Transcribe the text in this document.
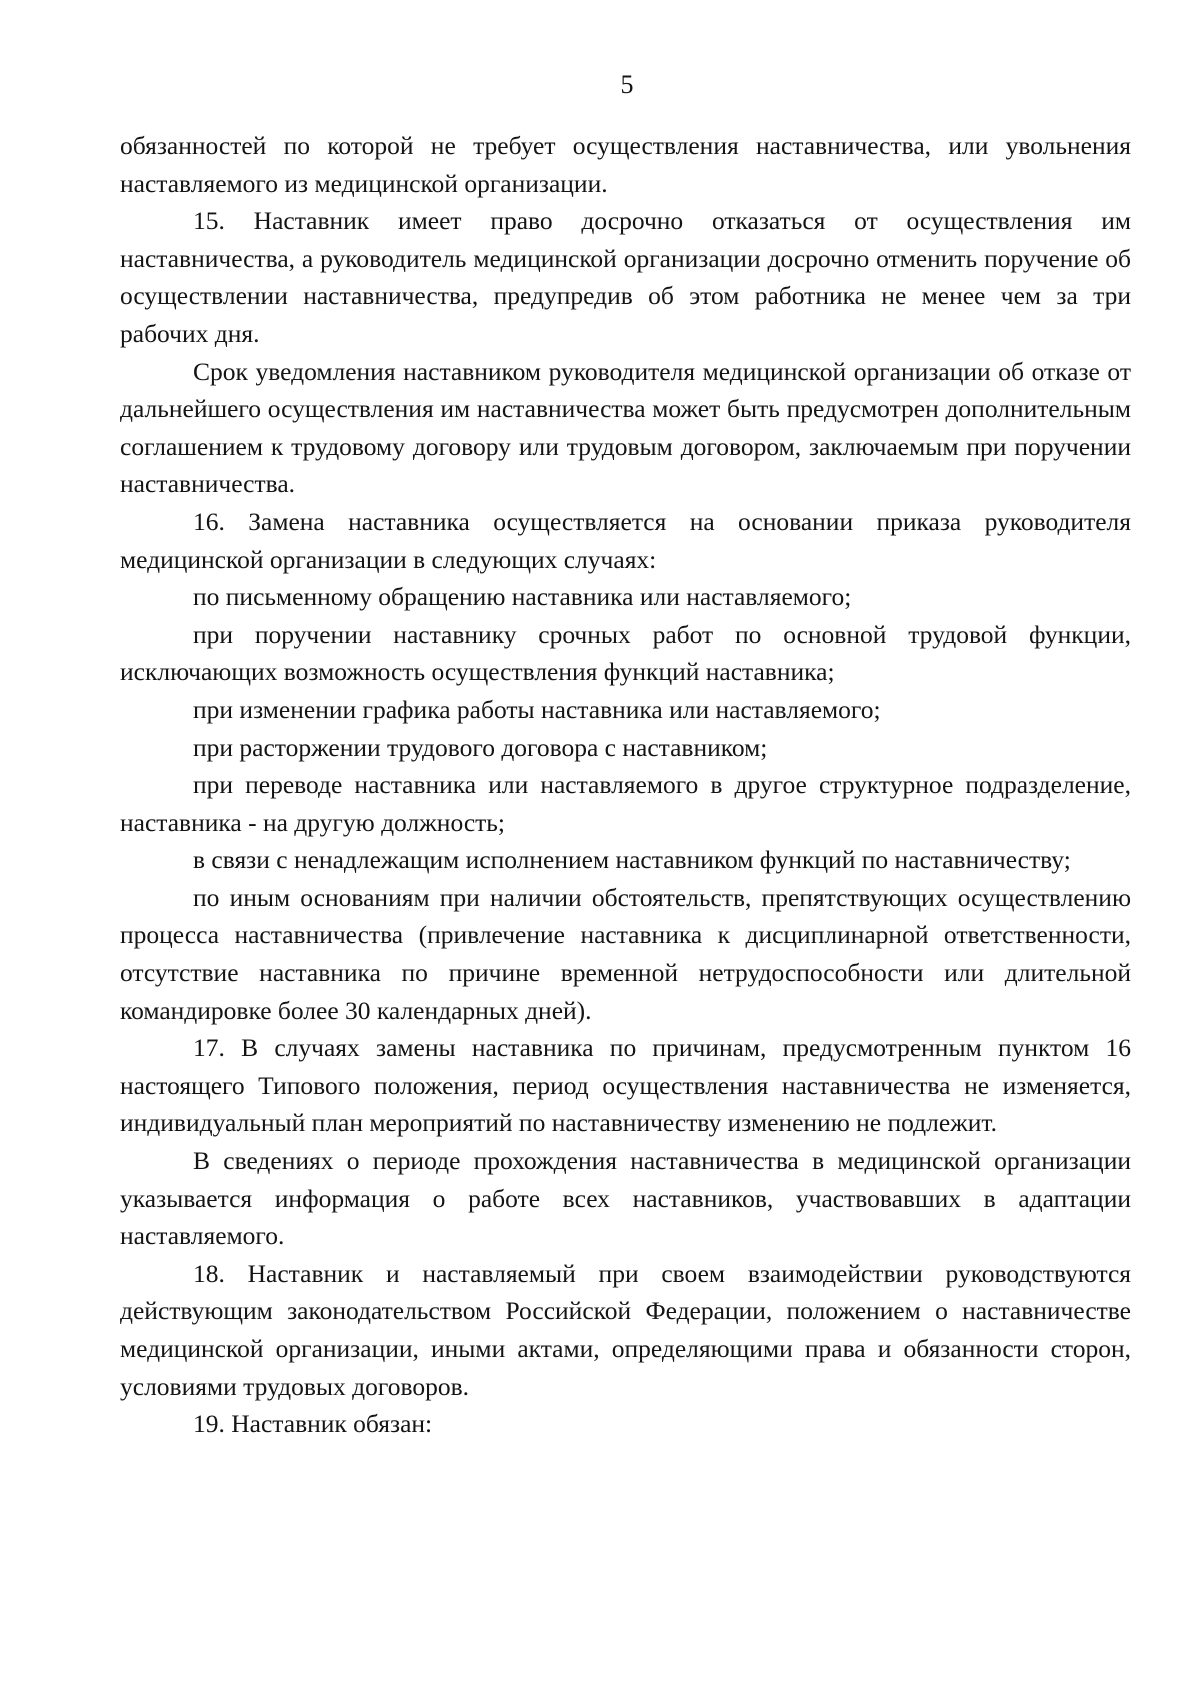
5

обязанностей по которой не требует осуществления наставничества, или увольнения наставляемого из медицинской организации.

15. Наставник имеет право досрочно отказаться от осуществления им наставничества, а руководитель медицинской организации досрочно отменить поручение об осуществлении наставничества, предупредив об этом работника не менее чем за три рабочих дня.

Срок уведомления наставником руководителя медицинской организации об отказе от дальнейшего осуществления им наставничества может быть предусмотрен дополнительным соглашением к трудовому договору или трудовым договором, заключаемым при поручении наставничества.

16. Замена наставника осуществляется на основании приказа руководителя медицинской организации в следующих случаях:

по письменному обращению наставника или наставляемого;

при поручении наставнику срочных работ по основной трудовой функции, исключающих возможность осуществления функций наставника;

при изменении графика работы наставника или наставляемого;

при расторжении трудового договора с наставником;

при переводе наставника или наставляемого в другое структурное подразделение, наставника - на другую должность;

в связи с ненадлежащим исполнением наставником функций по наставничеству;

по иным основаниям при наличии обстоятельств, препятствующих осуществлению процесса наставничества (привлечение наставника к дисциплинарной ответственности, отсутствие наставника по причине временной нетрудоспособности или длительной командировке более 30 календарных дней).

17. В случаях замены наставника по причинам, предусмотренным пунктом 16 настоящего Типового положения, период осуществления наставничества не изменяется, индивидуальный план мероприятий по наставничеству изменению не подлежит.

В сведениях о периоде прохождения наставничества в медицинской организации указывается информация о работе всех наставников, участвовавших в адаптации наставляемого.

18. Наставник и наставляемый при своем взаимодействии руководствуются действующим законодательством Российской Федерации, положением о наставничестве медицинской организации, иными актами, определяющими права и обязанности сторон, условиями трудовых договоров.

19. Наставник обязан:
